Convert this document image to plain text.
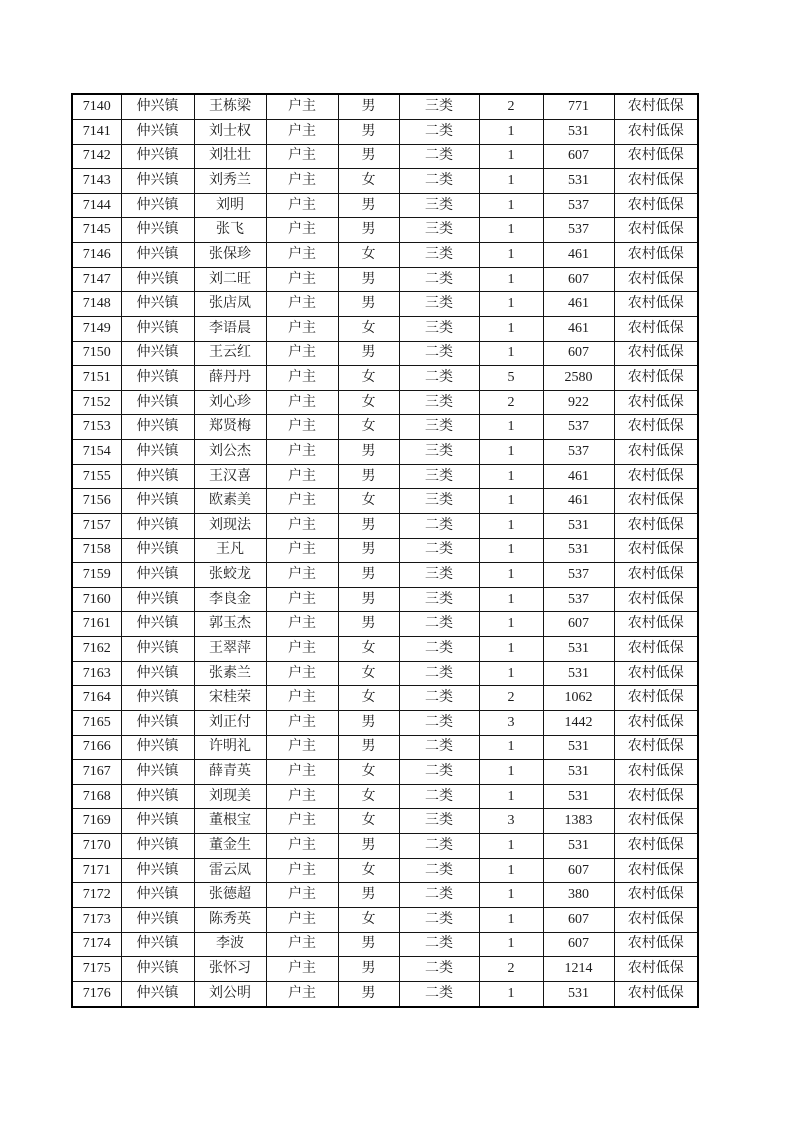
7140	仲兴镇	王栋梁	户主	男	三类	2	771	农村低保
7141	仲兴镇	刘士权	户主	男	二类	1	531	农村低保
7142	仲兴镇	刘壮壮	户主	男	二类	1	607	农村低保
7143	仲兴镇	刘秀兰	户主	女	二类	1	531	农村低保
7144	仲兴镇	刘明	户主	男	三类	1	537	农村低保
7145	仲兴镇	张飞	户主	男	三类	1	537	农村低保
7146	仲兴镇	张保珍	户主	女	三类	1	461	农村低保
7147	仲兴镇	刘二旺	户主	男	二类	1	607	农村低保
7148	仲兴镇	张店凤	户主	男	三类	1	461	农村低保
7149	仲兴镇	李语晨	户主	女	三类	1	461	农村低保
7150	仲兴镇	王云红	户主	男	二类	1	607	农村低保
7151	仲兴镇	薛丹丹	户主	女	二类	5	2580	农村低保
7152	仲兴镇	刘心珍	户主	女	三类	2	922	农村低保
7153	仲兴镇	郑贤梅	户主	女	三类	1	537	农村低保
7154	仲兴镇	刘公杰	户主	男	三类	1	537	农村低保
7155	仲兴镇	王汉喜	户主	男	三类	1	461	农村低保
7156	仲兴镇	欧素美	户主	女	三类	1	461	农村低保
7157	仲兴镇	刘现法	户主	男	二类	1	531	农村低保
7158	仲兴镇	王凡	户主	男	二类	1	531	农村低保
7159	仲兴镇	张蛟龙	户主	男	三类	1	537	农村低保
7160	仲兴镇	李良金	户主	男	三类	1	537	农村低保
7161	仲兴镇	郭玉杰	户主	男	二类	1	607	农村低保
7162	仲兴镇	王翠萍	户主	女	二类	1	531	农村低保
7163	仲兴镇	张素兰	户主	女	二类	1	531	农村低保
7164	仲兴镇	宋桂荣	户主	女	二类	2	1062	农村低保
7165	仲兴镇	刘正付	户主	男	二类	3	1442	农村低保
7166	仲兴镇	许明礼	户主	男	二类	1	531	农村低保
7167	仲兴镇	薛青英	户主	女	二类	1	531	农村低保
7168	仲兴镇	刘现美	户主	女	二类	1	531	农村低保
7169	仲兴镇	董根宝	户主	女	三类	3	1383	农村低保
7170	仲兴镇	董金生	户主	男	二类	1	531	农村低保
7171	仲兴镇	雷云凤	户主	女	二类	1	607	农村低保
7172	仲兴镇	张德超	户主	男	二类	1	380	农村低保
7173	仲兴镇	陈秀英	户主	女	二类	1	607	农村低保
7174	仲兴镇	李波	户主	男	二类	1	607	农村低保
7175	仲兴镇	张怀习	户主	男	二类	2	1214	农村低保
7176	仲兴镇	刘公明	户主	男	二类	1	531	农村低保
